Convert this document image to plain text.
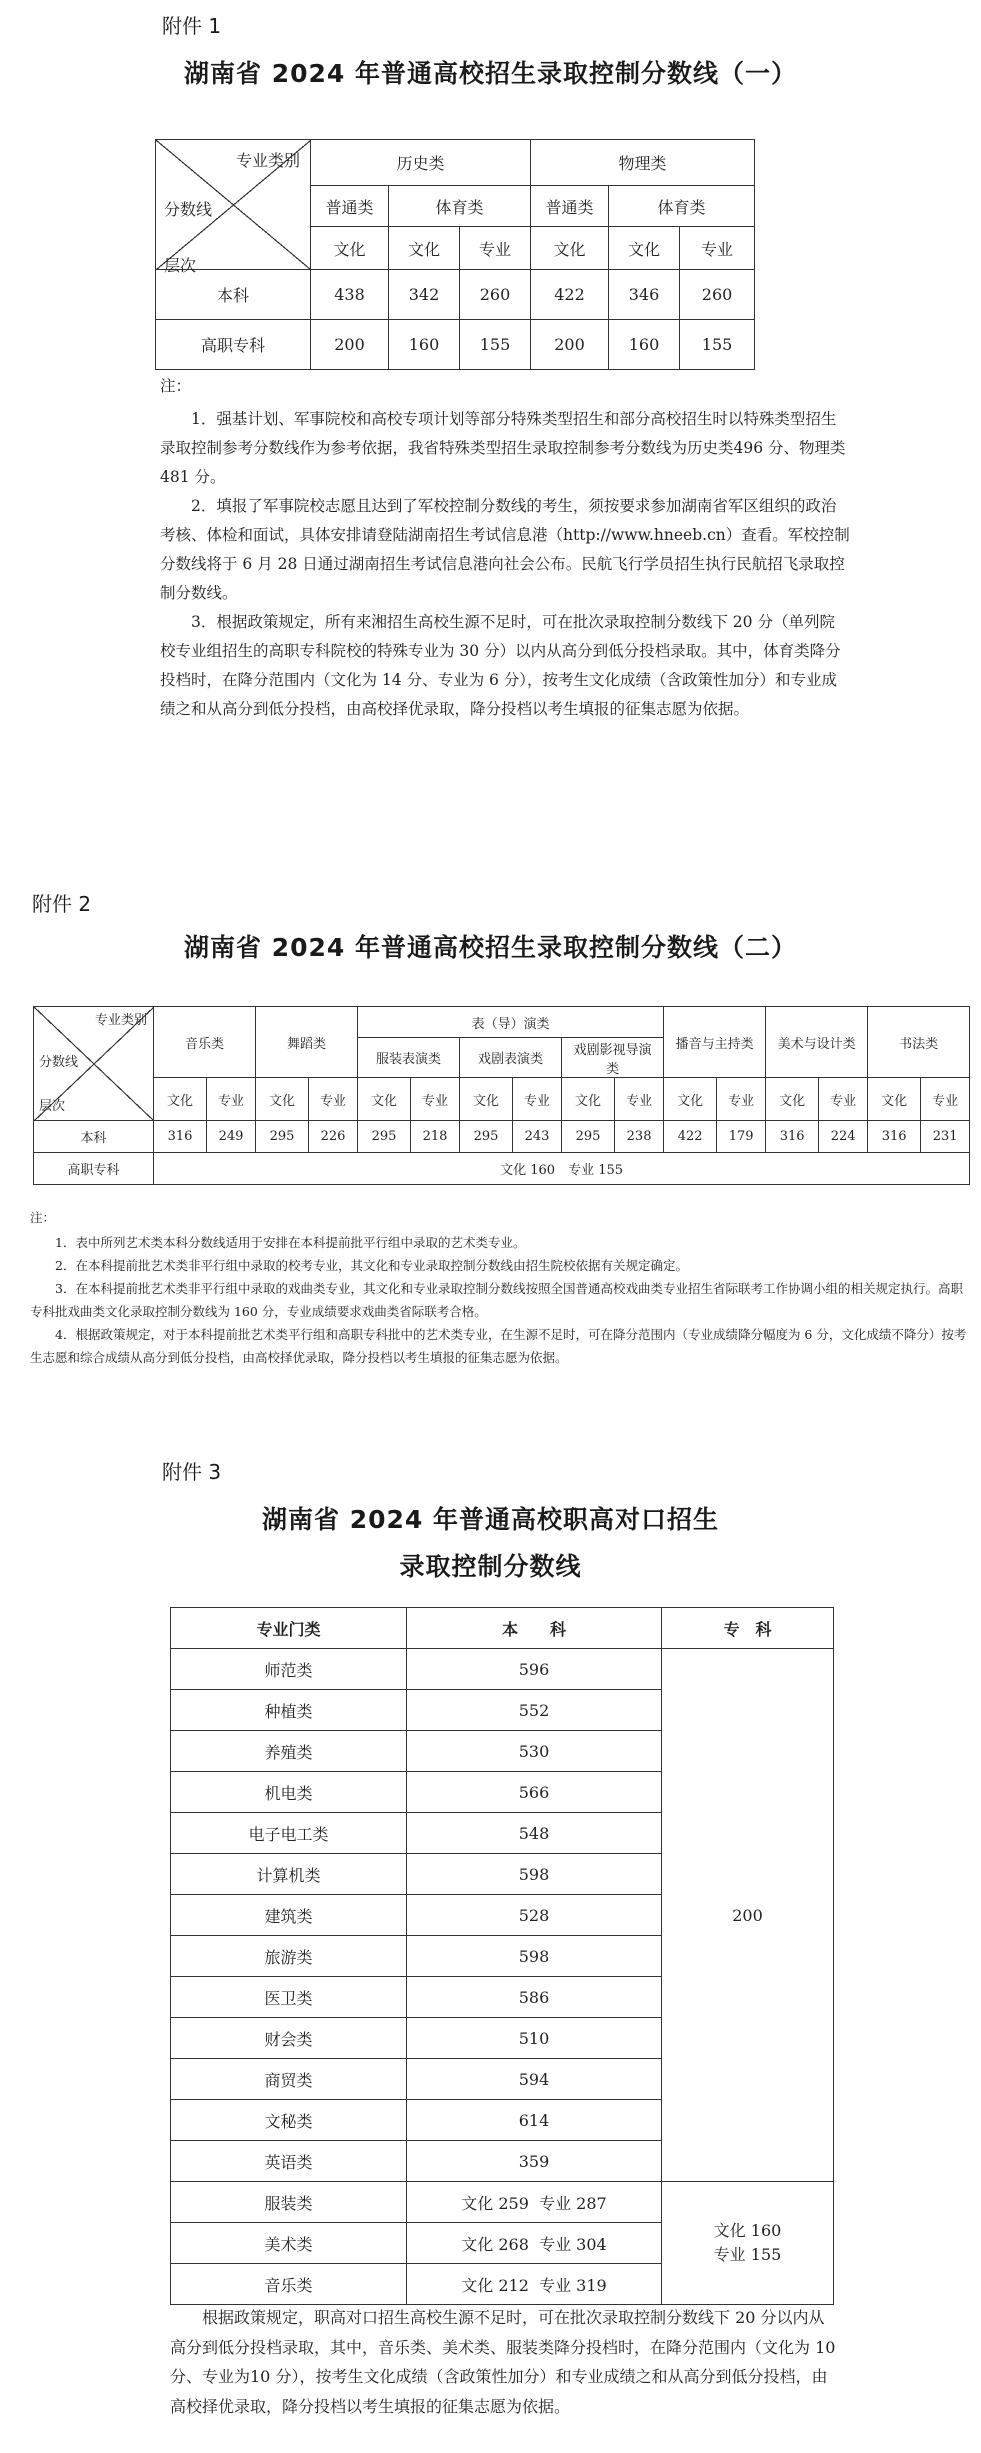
附件 1
湖南省 2024 年普通高校招生录取控制分数线（一）
专业类别
分数线
层次	历史类			物理类		
	普通类	体育类		普通类	体育类	
	文化	文化	专业	文化	文化	专业
本科	438	342	260	422	346	260
高职专科	200	160	155	200	160	155
注：

1．强基计划、军事院校和高校专项计划等部分特殊类型招生和部分高校招生时以特殊类型招生录取控制参考分数线作为参考依据，我省特殊类型招生录取控制参考分数线为历史类496 分、物理类481 分。

2．填报了军事院校志愿且达到了军校控制分数线的考生，须按要求参加湖南省军区组织的政治考核、体检和面试，具体安排请登陆湖南招生考试信息港（http://www.hneeb.cn）查看。军校控制分数线将于 6 月 28 日通过湖南招生考试信息港向社会公布。民航飞行学员招生执行民航招飞录取控制分数线。

3．根据政策规定，所有来湘招生高校生源不足时，可在批次录取控制分数线下 20 分（单列院校专业组招生的高职专科院校的特殊专业为 30 分）以内从高分到低分投档录取。其中，体育类降分投档时，在降分范围内（文化为 14 分、专业为 6 分），按考生文化成绩（含政策性加分）和专业成绩之和从高分到低分投档，由高校择优录取，降分投档以考生填报的征集志愿为依据。

附件 2
湖南省 2024 年普通高校招生录取控制分数线（二）
专业类别
分数线
层次	音乐类		舞蹈类		表（导）演类						播音与主持类		美术与设计类		书法类	
					服装表演类		戏剧表演类		戏剧影视导演类							
	文化	专业	文化	专业	文化	专业	文化	专业	文化	专业	文化	专业	文化	专业	文化	专业
本科	316	249	295	226	295	218	295	243	295	238	422	179	316	224	316	231
高职专科	文化 160　专业 155															
注：

1．表中所列艺术类本科分数线适用于安排在本科提前批平行组中录取的艺术类专业。

2．在本科提前批艺术类非平行组中录取的校考专业，其文化和专业录取控制分数线由招生院校依据有关规定确定。

3．在本科提前批艺术类非平行组中录取的戏曲类专业，其文化和专业录取控制分数线按照全国普通高校戏曲类专业招生省际联考工作协调小组的相关规定执行。高职专科批戏曲类文化录取控制分数线为 160 分，专业成绩要求戏曲类省际联考合格。

4．根据政策规定，对于本科提前批艺术类平行组和高职专科批中的艺术类专业，在生源不足时，可在降分范围内（专业成绩降分幅度为 6 分，文化成绩不降分）按考生志愿和综合成绩从高分到低分投档，由高校择优录取，降分投档以考生填报的征集志愿为依据。

附件 3
湖南省 2024 年普通高校职高对口招生
录取控制分数线
专业门类	本　　科	专　科
师范类	596	200
种植类	552	
养殖类	530	
机电类	566	
电子电工类	548	
计算机类	598	
建筑类	528	
旅游类	598	
医卫类	586	
财会类	510	
商贸类	594	
文秘类	614	
英语类	359	
服装类	文化 259  专业 287	文化 160
专业 155

美术类	文化 268  专业 304	
音乐类	文化 212  专业 319	
根据政策规定，职高对口招生高校生源不足时，可在批次录取控制分数线下 20 分以内从高分到低分投档录取，其中，音乐类、美术类、服装类降分投档时，在降分范围内（文化为 10 分、专业为10 分），按考生文化成绩（含政策性加分）和专业成绩之和从高分到低分投档，由高校择优录取，降分投档以考生填报的征集志愿为依据。
